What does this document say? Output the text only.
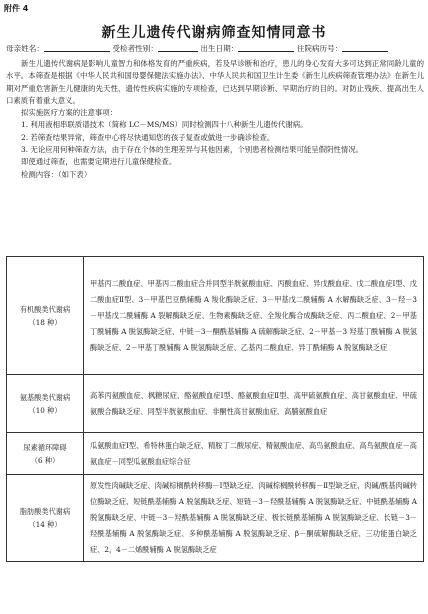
附件 4
新生儿遗传代谢病筛查知情同意书
母亲姓名：	受检者性别：	出生日期：	住院病历号：

新生儿遗传代谢病是影响儿童智力和体格发育的严重疾病，若及早诊断和治疗，患儿的身心发育大多可达到正常同龄儿童的水平。本筛查是根据《中华人民共和国母婴保健法实施办法》、中华人民共和国卫生计生委《新生儿疾病筛查管理办法》在新生儿期对严重危害新生儿健康的先天性、遗传性疾病实施的专项检查，已达到早期诊断、早期治疗的目的。对防止残疾、提高出生人口素质有着重大意义。

拟实施医疗方案的注意事项：

1. 利用液相串联质谱技术（简称 LC－MS/MS）同时检测四十八种新生儿遗传代谢病。

2. 若筛查结果异常，筛查中心将尽快通知您的孩子复查或做进一步确诊检查。

3. 无论应用何种筛查方法，由于存在个体的生理差异与其他因素，个别患者检测结果可能呈假阴性情况。

即使通过筛查，也需要定期进行儿童保健检查。

检测内容：（如下表）

有机酸类代谢病
（18 种）	甲基丙二酸血症、甲基丙二酸血症合并同型半胱氨酸血症、丙酸血症、异戊酸血症、戊二酸血症Ⅰ型、戊二酸血症Ⅱ型、3－甲基巴豆酰辅酶 A 羧化酶缺乏症、3－甲基戊二酰辅酶 A 水解酶缺乏症、3－羟－3－甲基戊二酰辅酶 A 裂解酶缺乏症、生物素酶缺乏症、全羧化酶合成酶缺乏症、丙二酸血症、2－甲基丁酰辅酶 A 脱氢酶缺乏症、中链－3－酮酰基辅酶 A 硫解酶缺乏症、2－甲基－3 羟基丁酰辅酶 A 脱氢酶缺乏症、2－甲基丁酰辅酶 A 脱氢酶缺乏症、乙基丙二酸血症、异丁酰辅酶 A 脱氢酶缺乏症

氨基酸类代谢病
（10 种）	高苯丙氨酸血症、枫糖尿症、酪氨酸血症Ⅰ型、酪氨酸血症Ⅱ型、高甲硫氨酸血症、高甘氨酸血症、甲硫氨酸合酶缺乏症、同型半胱氨酸血症、非酮性高甘氨酸血症、高脯氨酸血症

尿素循环障碍
（6 种）	瓜氨酸血症Ⅰ型、希特林蛋白缺乏症、精胺丁二酸尿症、精氨酸血症、高鸟氨酸血症、高鸟氨酸血症－高氨血症－同型瓜氨酸血症综合征

脂肪酸类代谢病
（14 种）	原发性肉碱缺乏症、肉碱棕榈酰转移酶－Ⅰ型缺乏症、肉碱棕榈酰转移酶－Ⅱ型缺乏症、肉碱/酰基肉碱转位酶缺乏症、短链酰基辅酶 A 脱氢酶缺乏症、短链－3－羟酰基辅酶 A 脱氢酶缺乏症、中链酰基辅酶 A 脱氢酶缺乏症、中链－3－羟酰基辅酶 A 脱氢酶缺乏症、极长链酰基辅酶 A 脱氢酶缺乏症、长链－3－羟酰基辅酶 A 脱氢酶缺乏症、多种酰基辅酶 A 脱氢酶缺乏症、β－酮硫解酶缺乏症、三功能蛋白缺乏症、2，4－二烯酰辅酶 A 脱氢酶缺乏症
